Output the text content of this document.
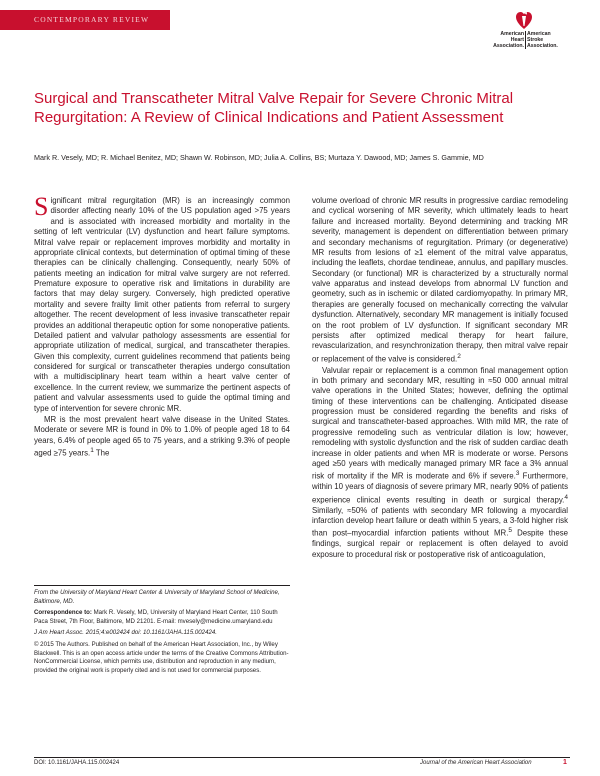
CONTEMPORARY REVIEW
American
Heart
Association.
American
Stroke
Association.
Surgical and Transcatheter Mitral Valve Repair for Severe Chronic Mitral Regurgitation: A Review of Clinical Indications and Patient Assessment
Mark R. Vesely, MD; R. Michael Benitez, MD; Shawn W. Robinson, MD; Julia A. Collins, BS; Murtaza Y. Dawood, MD; James S. Gammie, MD

Significant mitral regurgitation (MR) is an increasingly common disorder affecting nearly 10% of the US population aged >75 years and is associated with increased morbidity and mortality in the setting of left ventricular (LV) dysfunction and heart failure symptoms. Mitral valve repair or replacement improves morbidity and mortality in appropriate clinical contexts, but determination of optimal timing of these therapies can be clinically challenging. Consequently, nearly 50% of patients meeting an indication for mitral valve surgery are not referred. Premature exposure to operative risk and limitations in durability are factors that may delay surgery. Conversely, high predicted operative mortality and severe frailty limit other patients from referral to surgery altogether. The recent development of less invasive transcatheter repair provides an additional therapeutic option for some nonoperative patients. Detailed patient and valvular pathology assessments are essential for appropriate utilization of medical, surgical, and transcatheter therapies. Given this complexity, current guidelines recommend that patients being considered for surgical or transcatheter therapies undergo consultation with a multidisciplinary heart team within a heart valve center of excellence. In the current review, we summarize the pertinent aspects of patient and valvular assessments used to guide the optimal timing and type of intervention for severe chronic MR.

MR is the most prevalent heart valve disease in the United States. Moderate or severe MR is found in 0% to 1.0% of people aged 18 to 64 years, 6.4% of people aged 65 to 75 years, and a striking 9.3% of people aged ≥75 years.$^1$ The

volume overload of chronic MR results in progressive cardiac remodeling and cyclical worsening of MR severity, which ultimately leads to heart failure and increased mortality. Beyond determining and tracking MR severity, management is dependent on differentiation between primary and secondary mechanisms of regurgitation. Primary (or degenerative) MR results from lesions of ≥1 element of the mitral valve apparatus, including the leaflets, chordae tendineae, annulus, and papillary muscles. Secondary (or functional) MR is characterized by a structurally normal valve apparatus and instead develops from abnormal LV function and geometry, such as in ischemic or dilated cardiomyopathy. In primary MR, therapies are generally focused on mechanically correcting the valvular dysfunction. Alternatively, secondary MR management is initially focused on the root problem of LV dysfunction. If significant secondary MR persists after optimized medical therapy for heart failure, revascularization, and resynchronization therapy, then mitral valve repair or replacement of the valve is considered.$^2$

Valvular repair or replacement is a common final management option in both primary and secondary MR, resulting in ≈50 000 annual mitral valve operations in the United States; however, defining the optimal timing of these interventions can be challenging. Anticipated disease progression must be considered regarding the benefits and risks of surgical and transcatheter-based approaches. With mild MR, the rate of progressive remodeling such as ventricular dilation is low; however, remodeling with systolic dysfunction and the risk of sudden cardiac death increase in older patients and when MR is moderate or worse. Persons aged ≥50 years with medically managed primary MR face a 3% annual risk of mortality if the MR is moderate and 6% if severe.$^3$ Furthermore, within 10 years of diagnosis of severe primary MR, nearly 90% of patients experience clinical events resulting in death or surgical therapy.$^4$ Similarly, ≈50% of patients with secondary MR following a myocardial infarction develop heart failure or death within 5 years, a 3-fold higher risk than post–myocardial infarction patients without MR.$^5$ Despite these findings, surgical repair or replacement is often delayed to avoid exposure to procedural risk or postoperative risk of anticoagulation,

From the University of Maryland Heart Center & University of Maryland School of Medicine, Baltimore, MD.

Correspondence to: Mark R. Vesely, MD, University of Maryland Heart Center, 110 South Paca Street, 7th Floor, Baltimore, MD 21201. E-mail: mvesely@medicine.umaryland.edu

J Am Heart Assoc. 2015;4:e002424 doi: 10.1161/JAHA.115.002424.

© 2015 The Authors. Published on behalf of the American Heart Association, Inc., by Wiley Blackwell. This is an open access article under the terms of the Creative Commons Attribution-NonCommercial License, which permits use, distribution and reproduction in any medium, provided the original work is properly cited and is not used for commercial purposes.

DOI: 10.1161/JAHA.115.002424	Journal of the American Heart Association	1
